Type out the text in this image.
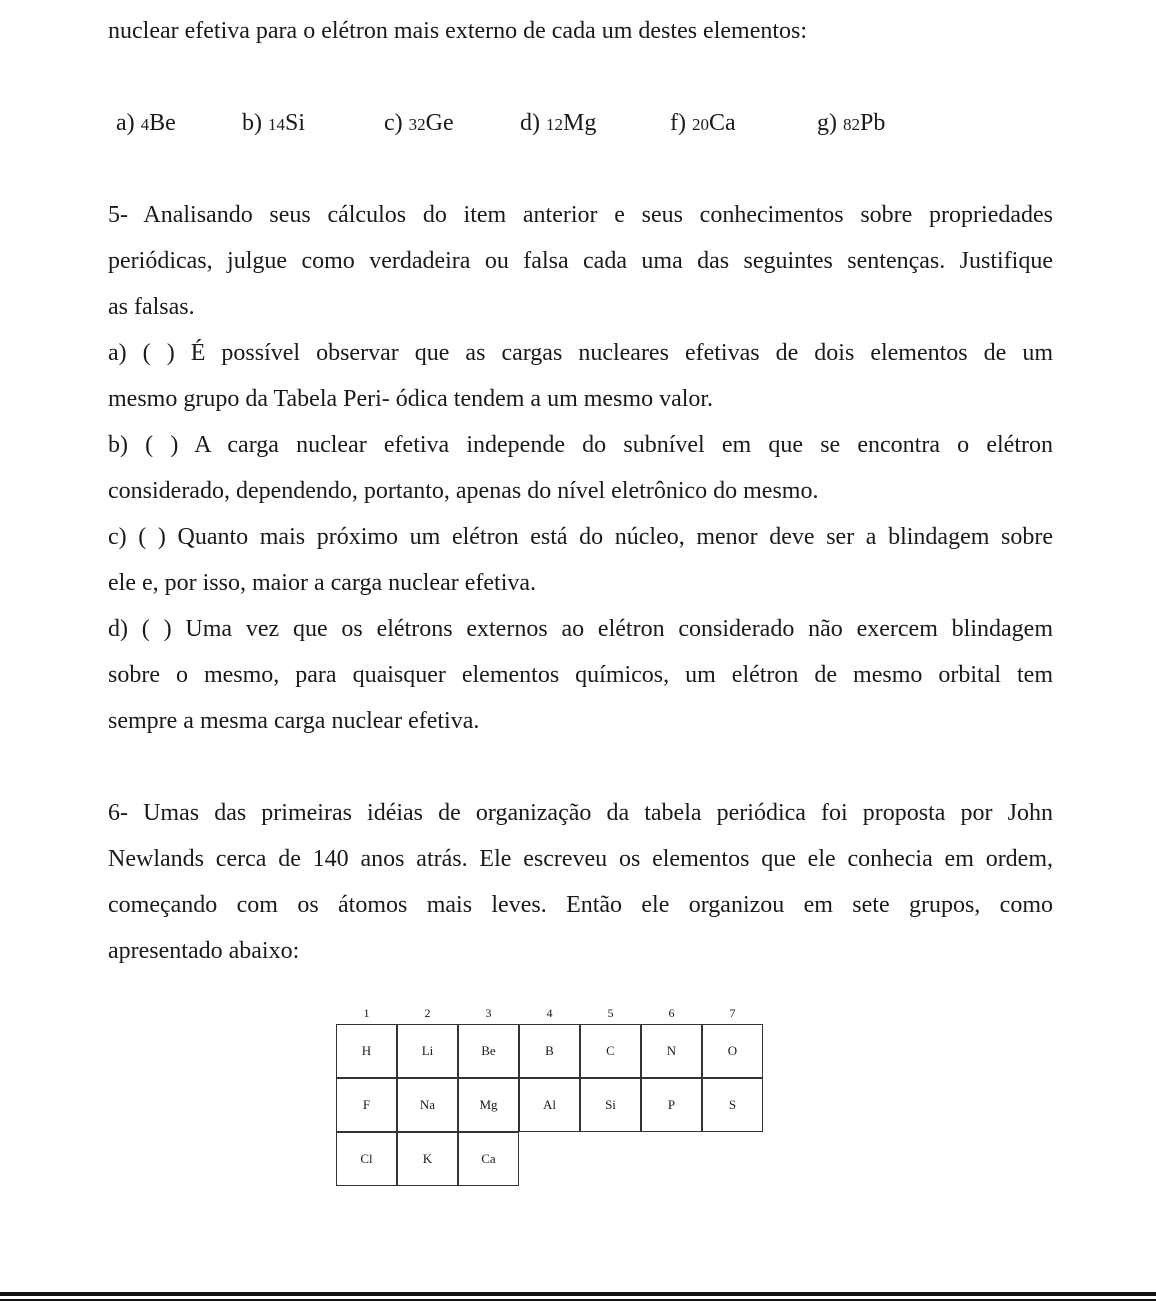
nuclear efetiva para o elétron mais externo de cada um destes elementos:
a) 4Be	b) 14Si	c) 32Ge	d) 12Mg	f) 20Ca	g) 82Pb
5- Analisando seus cálculos do item anterior e seus conhecimentos sobre propriedades
periódicas, julgue como verdadeira ou falsa cada uma das seguintes sentenças. Justifique
as falsas.
a) ( ) É possível observar que as cargas nucleares efetivas de dois elementos de um
mesmo grupo da Tabela Peri- ódica tendem a um mesmo valor.
b) ( ) A carga nuclear efetiva independe do subnível em que se encontra o elétron
considerado, dependendo, portanto, apenas do nível eletrônico do mesmo.
c) ( ) Quanto mais próximo um elétron está do núcleo, menor deve ser a blindagem sobre
ele e, por isso, maior a carga nuclear efetiva.
d) ( ) Uma vez que os elétrons externos ao elétron considerado não exercem blindagem
sobre o mesmo, para quaisquer elementos químicos, um elétron de mesmo orbital tem
sempre a mesma carga nuclear efetiva.
6- Umas das primeiras idéias de organização da tabela periódica foi proposta por John
Newlands cerca de 140 anos atrás. Ele escreveu os elementos que ele conhecia em ordem,
começando com os átomos mais leves. Então ele organizou em sete grupos, como
apresentado abaixo:
1	2	3	4	5	6	7
H	Li	Be	B	C	N	O
F	Na	Mg	Al	Si	P	S
Cl	K	Ca
